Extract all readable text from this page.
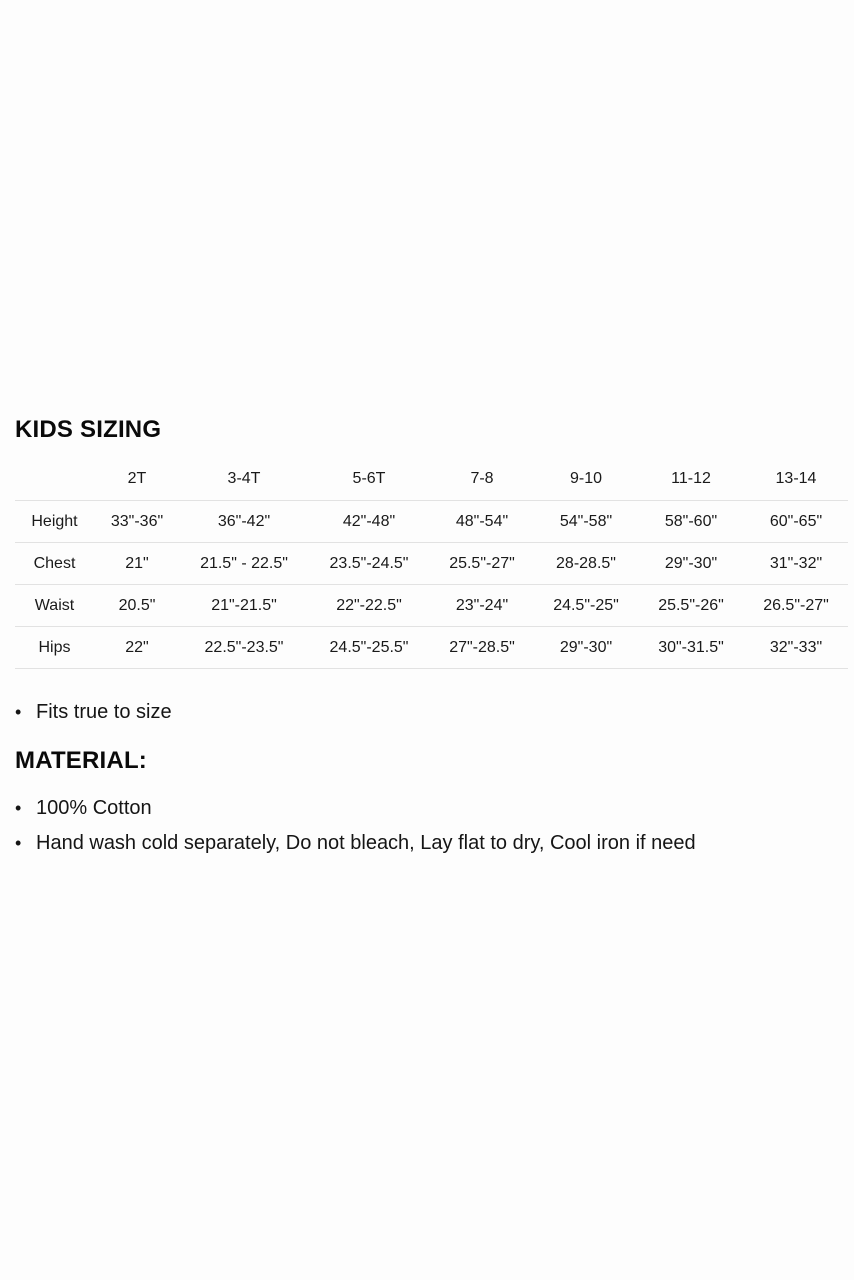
KIDS SIZING
	2T	3-4T	5-6T	7-8	9-10	11-12	13-14
Height	33"-36"	36"-42"	42"-48"	48"-54"	54"-58"	58"-60"	60"-65"
Chest	21"	21.5" - 22.5"	23.5"-24.5"	25.5"-27"	28-28.5"	29"-30"	31"-32"
Waist	20.5"	21"-21.5"	22"-22.5"	23"-24"	24.5"-25"	25.5"-26"	26.5"-27"
Hips	22"	22.5"-23.5"	24.5"-25.5"	27"-28.5"	29"-30"	30"-31.5"	32"-33"
• Fits true to size
MATERIAL:
• 100% Cotton
• Hand wash cold separately, Do not bleach, Lay flat to dry, Cool iron if need
